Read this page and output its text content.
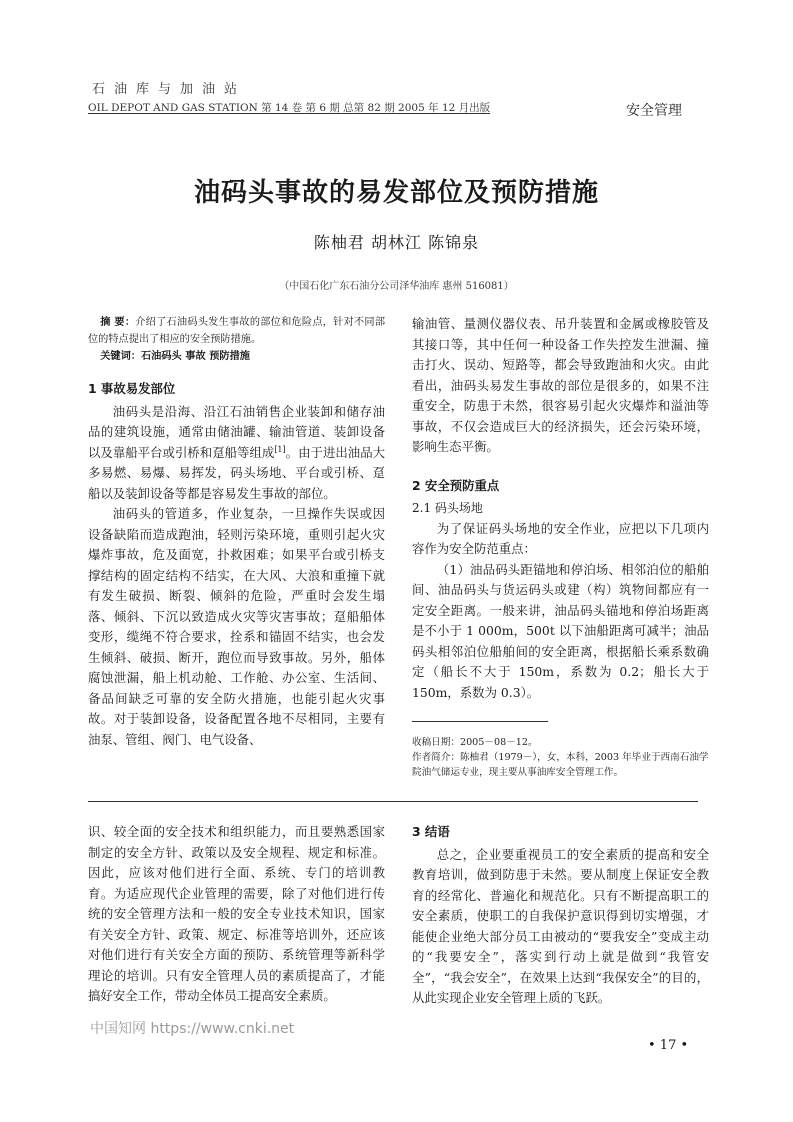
石油库与加油站
OIL DEPOT AND GAS STATION 第 14 卷 第 6 期 总第 82 期 2005 年 12 月出版	安全管理
油码头事故的易发部位及预防措施
陈柚君 胡林江 陈锦泉
（中国石化广东石油分公司泽华油库 惠州 516081）

摘 要：介绍了石油码头发生事故的部位和危险点，针对不同部位的特点提出了相应的安全预防措施。

关键词：石油码头 事故 预防措施

1 事故易发部位

油码头是沿海、沿江石油销售企业装卸和储存油品的建筑设施，通常由储油罐、输油管道、装卸设备以及靠船平台或引桥和趸船等组成[1]。由于进出油品大多易燃、易爆、易挥发，码头场地、平台或引桥、趸船以及装卸设备等都是容易发生事故的部位。

油码头的管道多，作业复杂，一旦操作失误或因设备缺陷而造成跑油，轻则污染环境，重则引起火灾爆炸事故，危及面宽，扑救困难；如果平台或引桥支撑结构的固定结构不结实，在大风、大浪和重撞下就有发生破损、断裂、倾斜的危险，严重时会发生塌落、倾斜、下沉以致造成火灾等灾害事故；趸船船体变形，缆绳不符合要求，拴系和锚固不结实，也会发生倾斜、破损、断开，跑位而导致事故。另外，船体腐蚀泄漏，船上机动舱、工作舱、办公室、生活间、备品间缺乏可靠的安全防火措施，也能引起火灾事故。对于装卸设备，设备配置各地不尽相同，主要有油泵、管组、阀门、电气设备、

输油管、量测仪器仪表、吊升装置和金属或橡胶管及其接口等，其中任何一种设备工作失控发生泄漏、撞击打火、误动、短路等，都会导致跑油和火灾。由此看出，油码头易发生事故的部位是很多的，如果不注重安全，防患于未然，很容易引起火灾爆炸和溢油等事故，不仅会造成巨大的经济损失，还会污染环境，影响生态平衡。

2 安全预防重点
2.1 码头场地

为了保证码头场地的安全作业，应把以下几项内容作为安全防范重点：

（1）油品码头距锚地和停泊场、相邻泊位的船舶间、油品码头与货运码头或建（构）筑物间都应有一定安全距离。一般来讲，油品码头锚地和停泊场距离是不小于 1 000m，500t 以下油船距离可减半；油品码头相邻泊位船舶间的安全距离，根据船长乘系数确定（船长不大于 150m，系数为 0.2；船长大于 150m，系数为 0.3）。

收稿日期：2005－08－12。
作者简介：陈柚君（1979－），女，本科，2003 年毕业于西南石油学院油气储运专业，现主要从事油库安全管理工作。

识、较全面的安全技术和组织能力，而且要熟悉国家制定的安全方针、政策以及安全规程、规定和标准。因此，应该对他们进行全面、系统、专门的培训教育。为适应现代企业管理的需要，除了对他们进行传统的安全管理方法和一般的安全专业技术知识，国家有关安全方针、政策、规定、标准等培训外，还应该对他们进行有关安全方面的预防、系统管理等新科学理论的培训。只有安全管理人员的素质提高了，才能搞好安全工作，带动全体员工提高安全素质。

3 结语

总之，企业要重视员工的安全素质的提高和安全教育培训，做到防患于未然。要从制度上保证安全教育的经常化、普遍化和规范化。只有不断提高职工的安全素质，使职工的自我保护意识得到切实增强，才能使企业绝大部分员工由被动的“要我安全”变成主动的“我要安全”，落实到行动上就是做到“我管安全”，“我会安全”，在效果上达到“我保安全”的目的，从此实现企业安全管理上质的飞跃。

• 17 •
中国知网 https://www.cnki.net
